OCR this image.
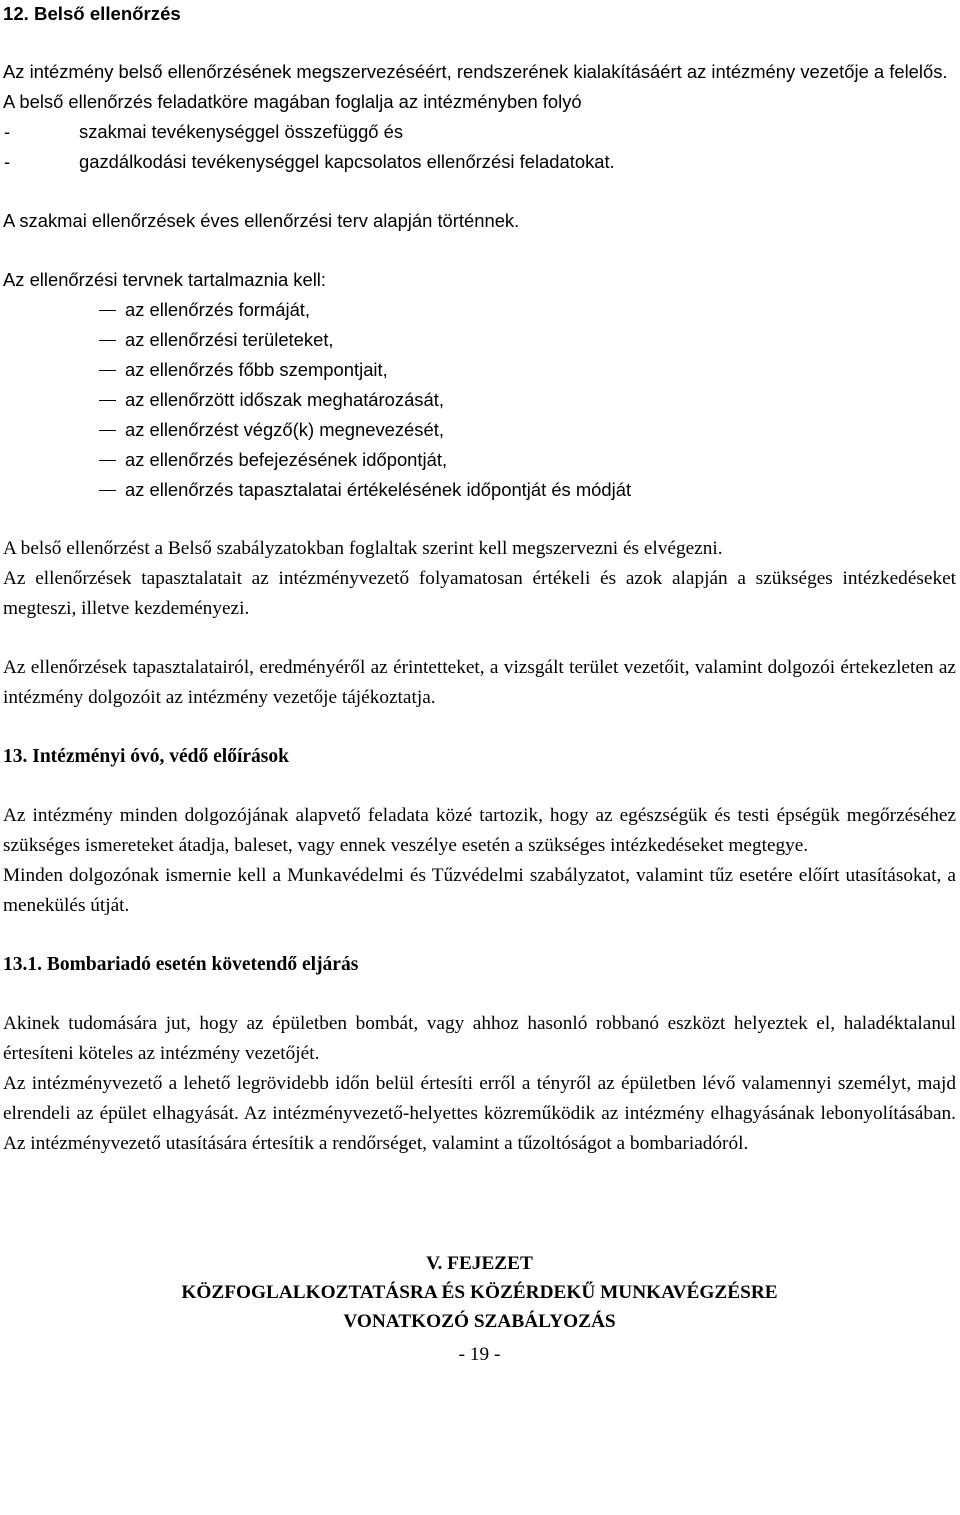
12. Belső ellenőrzés

Az intézmény belső ellenőrzésének megszervezéséért, rendszerének kialakításáért az intézmény vezetője a felelős.

A belső ellenőrzés feladatköre magában foglalja az intézményben folyó

-	szakmai tevékenységgel összefüggő és
-	gazdálkodási tevékenységgel kapcsolatos ellenőrzési feladatokat.

A szakmai ellenőrzések éves ellenőrzési terv alapján történnek.

Az ellenőrzési tervnek tartalmaznia kell:

az ellenőrzés formáját,
az ellenőrzési területeket,
az ellenőrzés főbb szempontjait,
az ellenőrzött időszak meghatározását,
az ellenőrzést végző(k) megnevezését,
az ellenőrzés befejezésének időpontját,
az ellenőrzés tapasztalatai értékelésének időpontját és módját

A belső ellenőrzést a Belső szabályzatokban foglaltak szerint kell megszervezni és elvégezni.

Az ellenőrzések tapasztalatait az intézményvezető folyamatosan értékeli és azok alapján a szükséges intézkedéseket megteszi, illetve kezdeményezi.

Az ellenőrzések tapasztalatairól, eredményéről az érintetteket, a vizsgált terület vezetőit, valamint dolgozói értekezleten az intézmény dolgozóit az intézmény vezetője tájékoztatja.

13. Intézményi óvó, védő előírások

Az intézmény minden dolgozójának alapvető feladata közé tartozik, hogy az egészségük és testi épségük megőrzéséhez szükséges ismereteket átadja, baleset, vagy ennek veszélye esetén a szükséges intézkedéseket megtegye.

Minden dolgozónak ismernie kell a Munkavédelmi és Tűzvédelmi szabályzatot, valamint tűz esetére előírt utasításokat, a menekülés útját.

13.1. Bombariadó esetén követendő eljárás

Akinek tudomására jut, hogy az épületben bombát, vagy ahhoz hasonló robbanó eszközt helyeztek el, haladéktalanul értesíteni köteles az intézmény vezetőjét.

Az intézményvezető a lehető legrövidebb időn belül értesíti erről a tényről az épületben lévő valamennyi személyt, majd elrendeli az épület elhagyását. Az intézményvezető-helyettes közreműködik az intézmény elhagyásának lebonyolításában. Az intézményvezető utasítására értesítik a rendőrséget, valamint a tűzoltóságot a bombariadóról.

V. FEJEZET

KÖZFOGLALKOZTATÁSRA ÉS KÖZÉRDEKŰ MUNKAVÉGZÉSRE

VONATKOZÓ SZABÁLYOZÁS

- 19 -
